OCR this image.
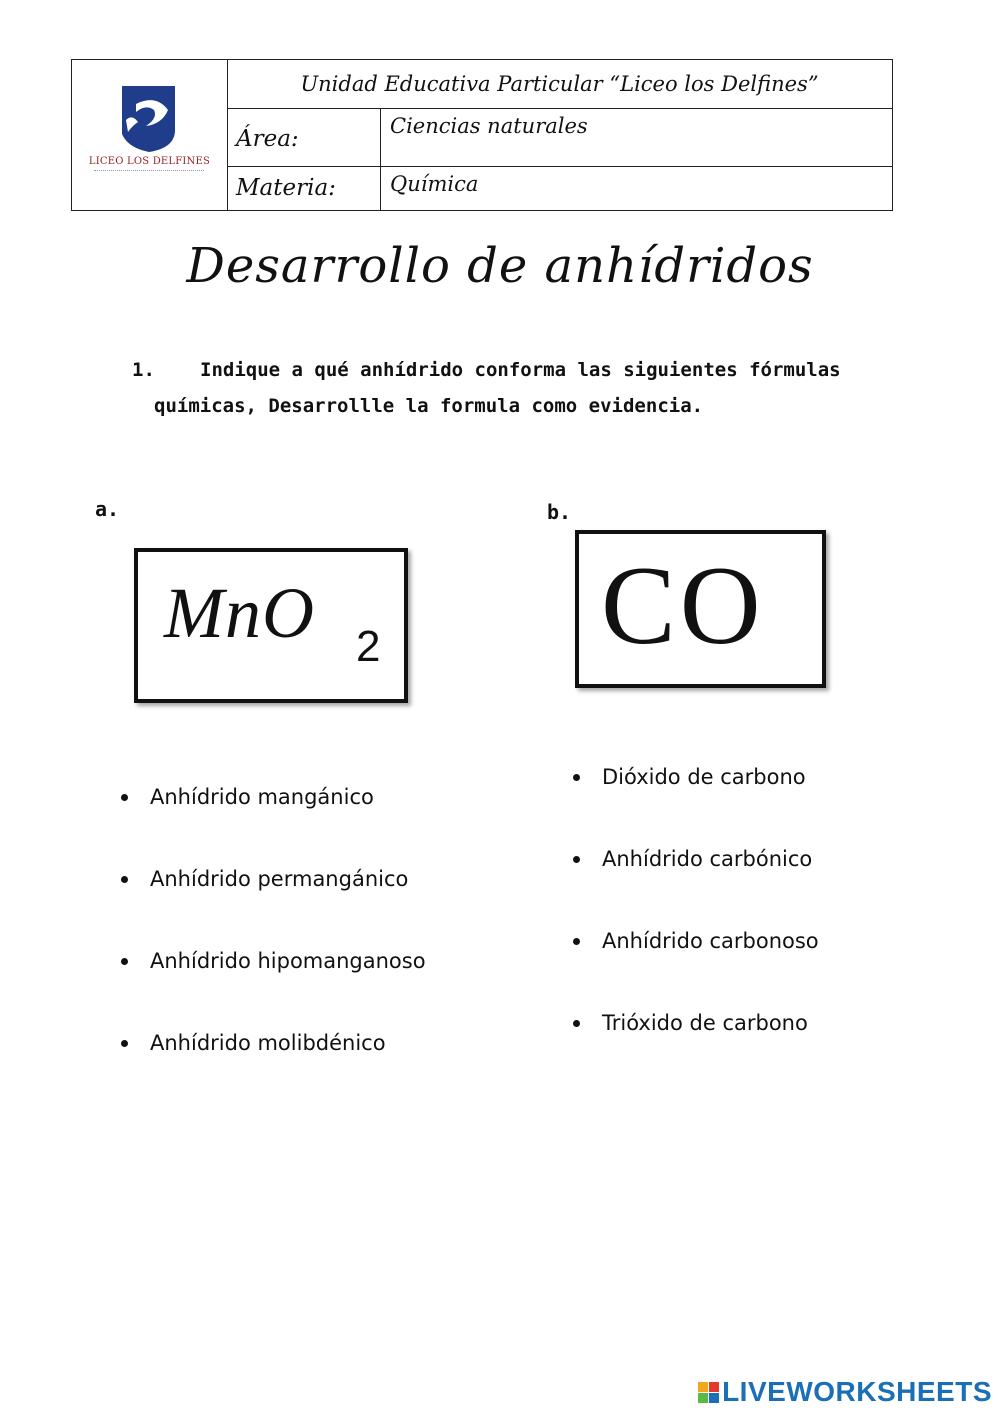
LICEO LOS DELFINES
Unidad Educativa Particular “Liceo los Delfines”
Área:	Ciencias naturales
Materia:	Química
Desarrollo de anhídridos
1. Indique a qué anhídrido conforma las siguientes fórmulas
químicas, Desarrollle la formula como evidencia.
a.
MnO 2
Anhídrido mangánico
Anhídrido permangánico
Anhídrido hipomanganoso
Anhídrido molibdénico
b.
CO
Dióxido de carbono
Anhídrido carbónico
Anhídrido carbonoso
Trióxido de carbono
LIVEWORKSHEETS
